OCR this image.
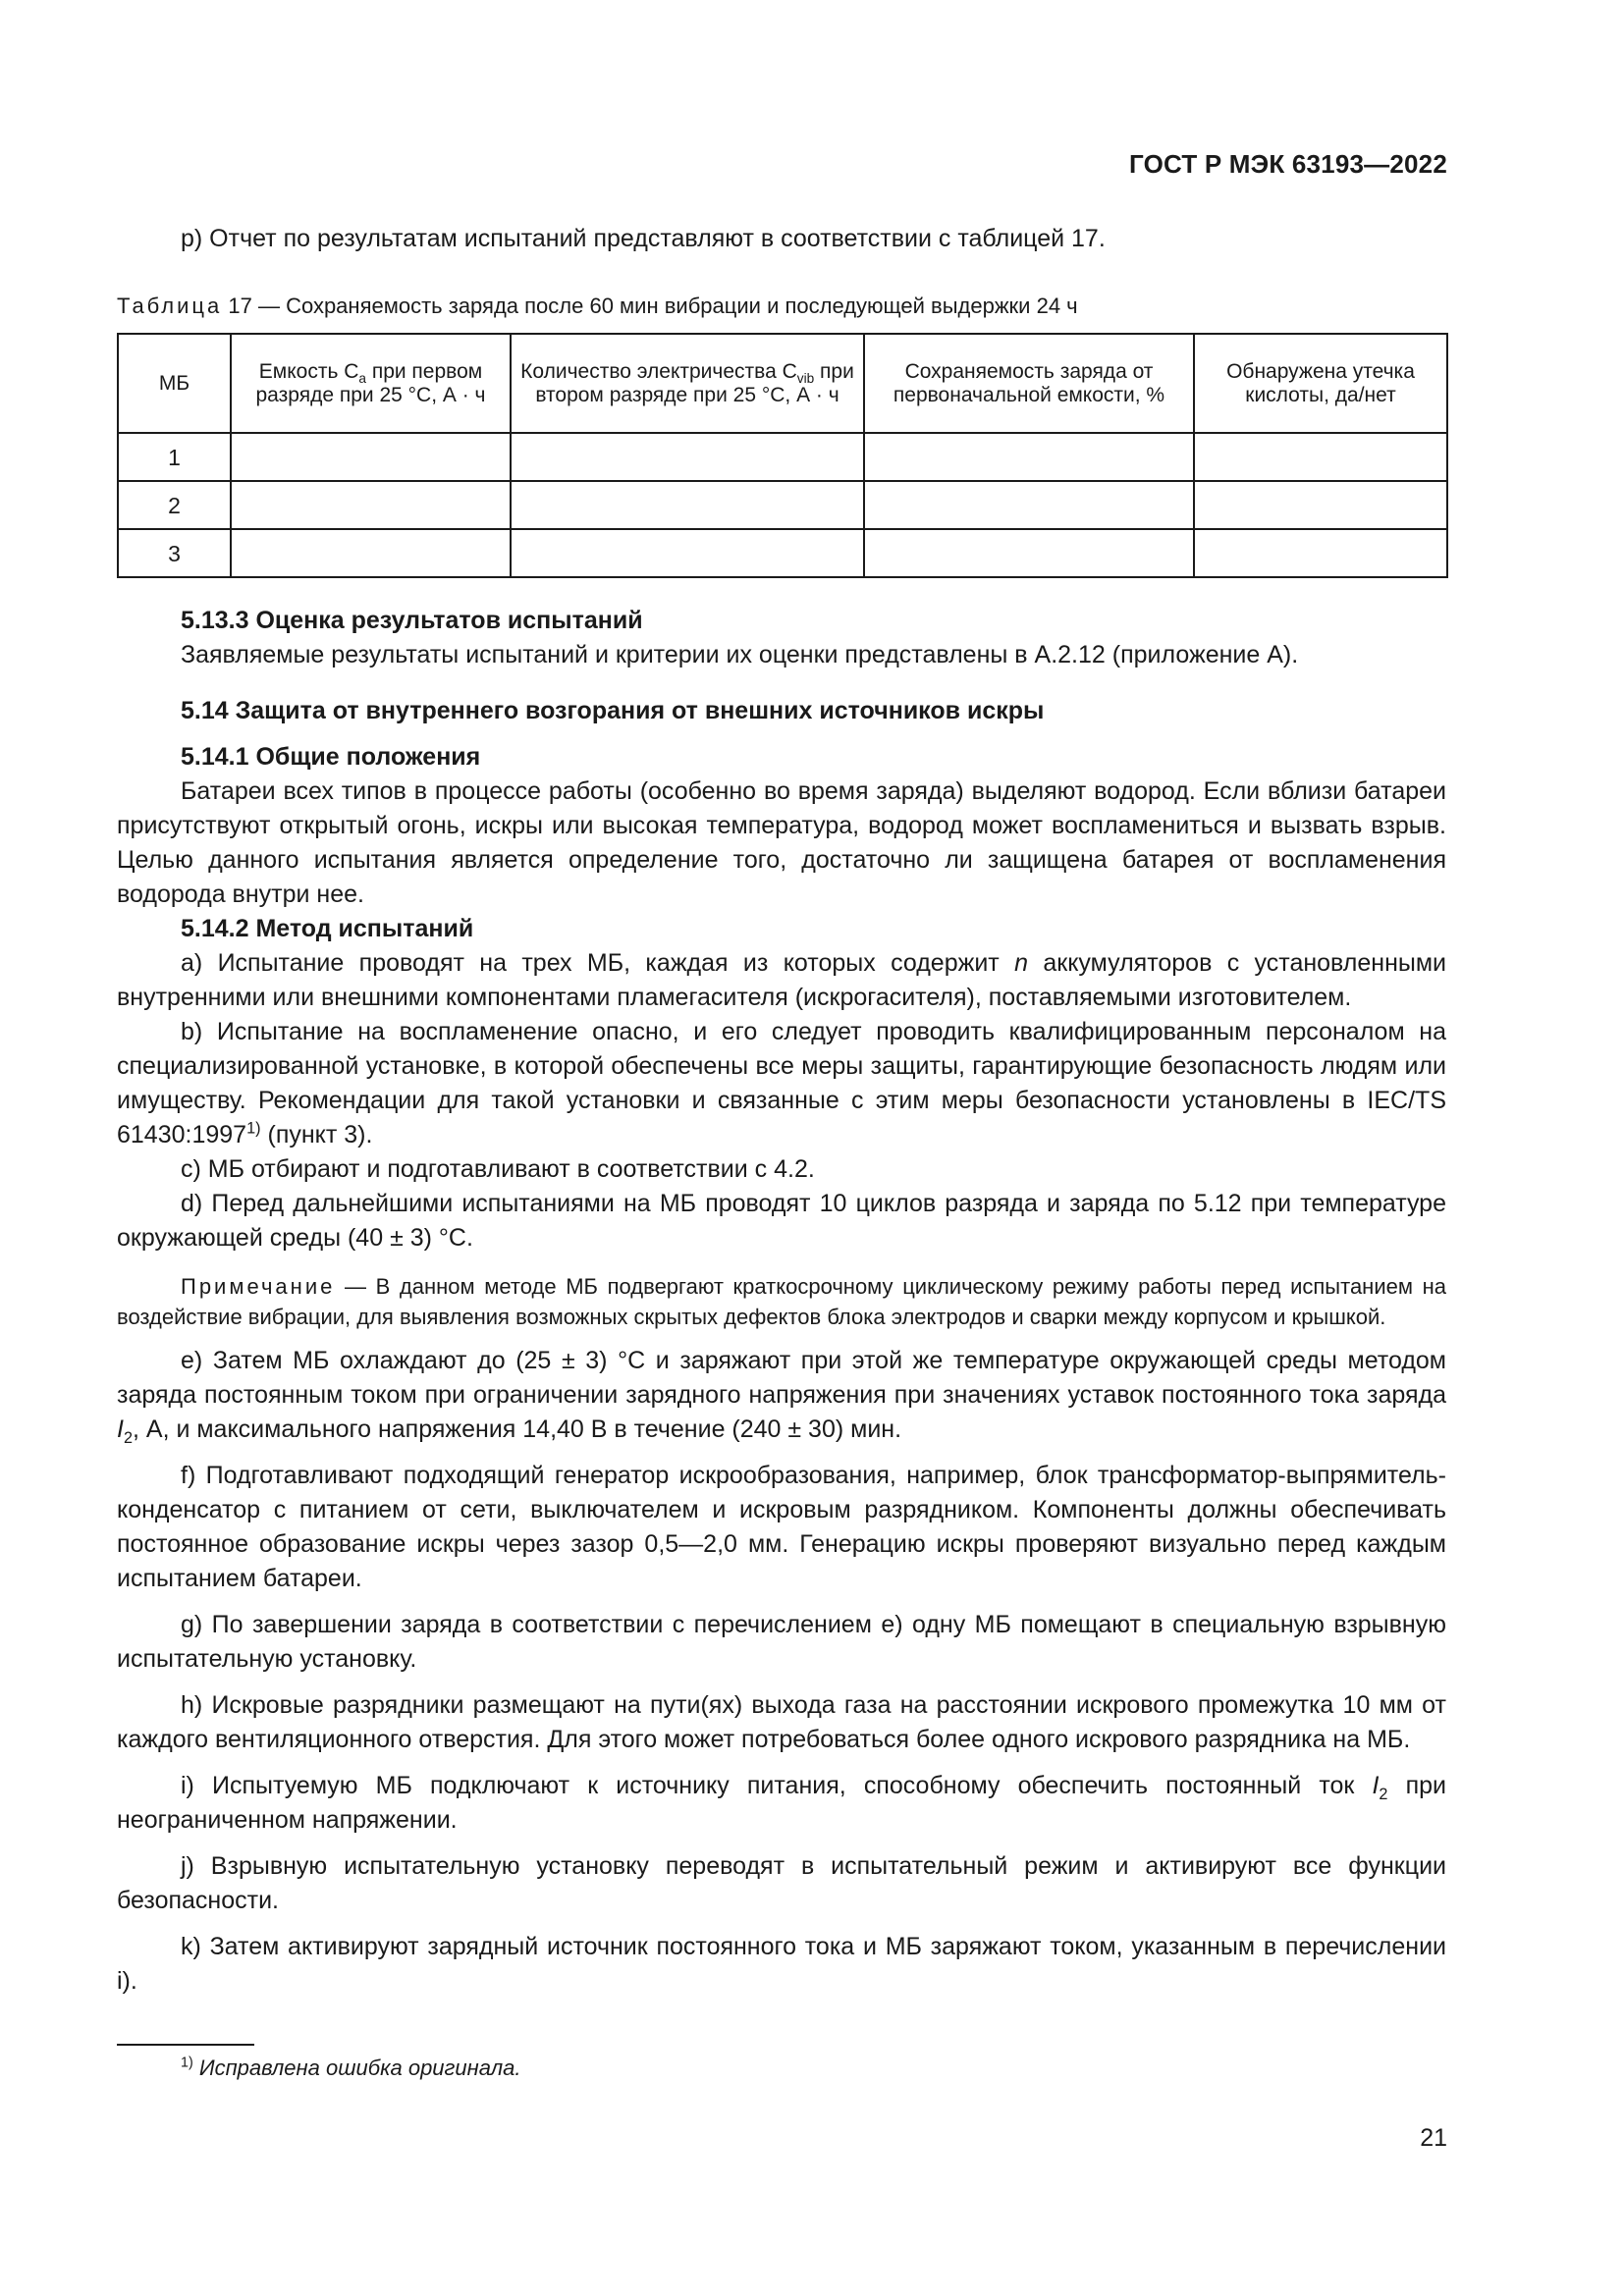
ГОСТ Р МЭК 63193—2022

p) Отчет по результатам испытаний представляют в соответствии с таблицей 17.

Таблица 17 — Сохраняемость заряда после 60 мин вибрации и последующей выдержки 24 ч

МБ	Емкость $C_a$ при первом разряде при 25 °С, А · ч	Количество электричества $C_{vib}$ при втором разряде при 25 °С, А · ч	Сохраняемость заряда от первоначальной емкости, %	Обнаружена утечка кислоты, да/нет
1				
2				
3				

5.13.3 Оценка результатов испытаний

Заявляемые результаты испытаний и критерии их оценки представлены в А.2.12 (приложение А).

5.14 Защита от внутреннего возгорания от внешних источников искры

5.14.1 Общие положения

Батареи всех типов в процессе работы (особенно во время заряда) выделяют водород. Если вблизи батареи присутствуют открытый огонь, искры или высокая температура, водород может воспламениться и вызвать взрыв. Целью данного испытания является определение того, достаточно ли защищена батарея от воспламенения водорода внутри нее.

5.14.2 Метод испытаний

a) Испытание проводят на трех МБ, каждая из которых содержит n аккумуляторов с установленными внутренними или внешними компонентами пламегасителя (искрогасителя), поставляемыми изготовителем.

b) Испытание на воспламенение опасно, и его следует проводить квалифицированным персоналом на специализированной установке, в которой обеспечены все меры защиты, гарантирующие безопасность людям или имуществу. Рекомендации для такой установки и связанные с этим меры безопасности установлены в IEC/TS 61430:1997$^{1)}$ (пункт 3).

c) МБ отбирают и подготавливают в соответствии с 4.2.

d) Перед дальнейшими испытаниями на МБ проводят 10 циклов разряда и заряда по 5.12 при температуре окружающей среды (40 ± 3) °С.

Примечание — В данном методе МБ подвергают краткосрочному циклическому режиму работы перед испытанием на воздействие вибрации, для выявления возможных скрытых дефектов блока электродов и сварки между корпусом и крышкой.

e) Затем МБ охлаждают до (25 ± 3) °С и заряжают при этой же температуре окружающей среды методом заряда постоянным током при ограничении зарядного напряжения при значениях уставок постоянного тока заряда $I_2$, А, и максимального напряжения 14,40 В в течение (240 ± 30) мин.

f) Подготавливают подходящий генератор искрообразования, например, блок трансформатор-выпрямитель-конденсатор с питанием от сети, выключателем и искровым разрядником. Компоненты должны обеспечивать постоянное образование искры через зазор 0,5—2,0 мм. Генерацию искры проверяют визуально перед каждым испытанием батареи.

g) По завершении заряда в соответствии с перечислением e) одну МБ помещают в специальную взрывную испытательную установку.

h) Искровые разрядники размещают на пути(ях) выхода газа на расстоянии искрового промежутка 10 мм от каждого вентиляционного отверстия. Для этого может потребоваться более одного искрового разрядника на МБ.

i) Испытуемую МБ подключают к источнику питания, способному обеспечить постоянный ток $I_2$ при неограниченном напряжении.

j) Взрывную испытательную установку переводят в испытательный режим и активируют все функции безопасности.

k) Затем активируют зарядный источник постоянного тока и МБ заряжают током, указанным в перечислении i).

$^{1)}$ Исправлена ошибка оригинала.
21
